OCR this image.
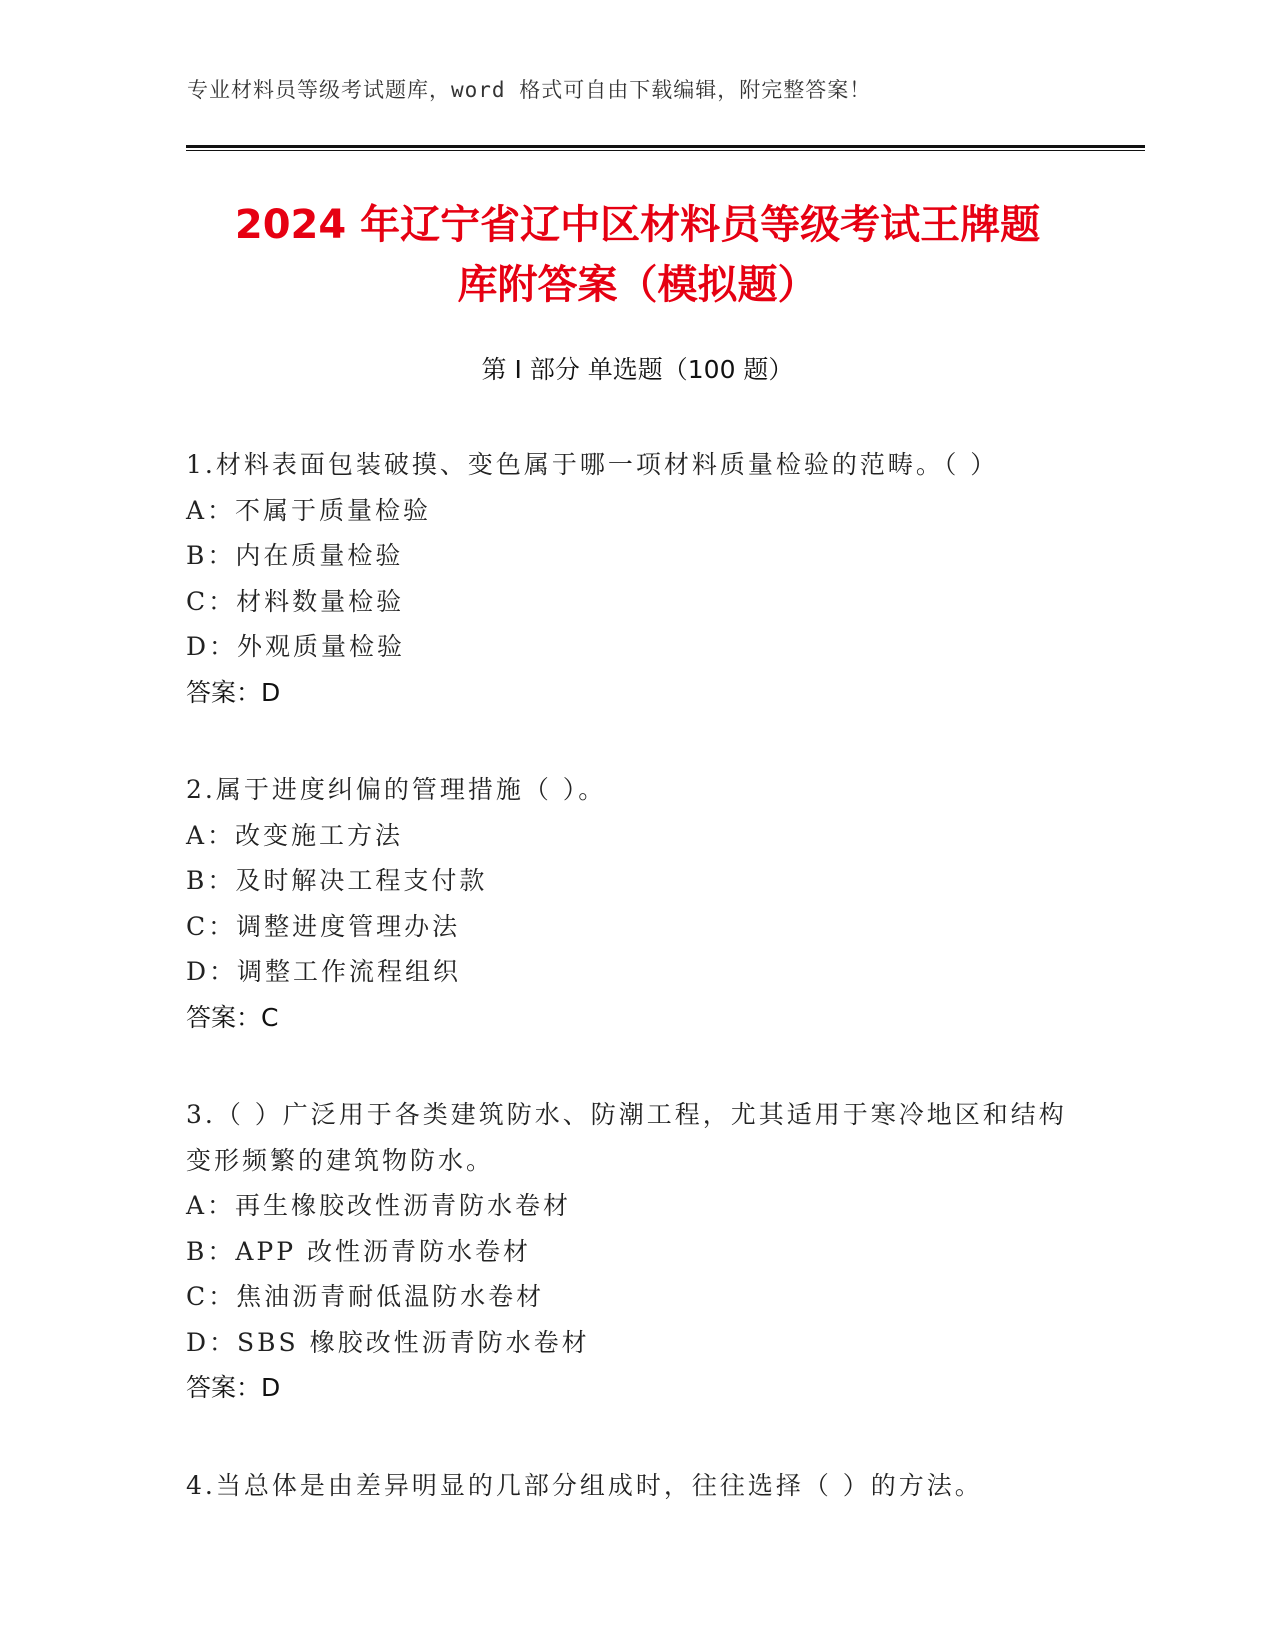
专业材料员等级考试题库，word 格式可自由下载编辑，附完整答案！
2024 年辽宁省辽中区材料员等级考试王牌题
库附答案（模拟题）
第 I 部分 单选题（100 题）
1.材料表面包装破摸、变色属于哪一项材料质量检验的范畴。（ ）
A：不属于质量检验
B：内在质量检验
C：材料数量检验
D：外观质量检验
答案：D
2.属于进度纠偏的管理措施（ ）。
A：改变施工方法
B：及时解决工程支付款
C：调整进度管理办法
D：调整工作流程组织
答案：C
3.（ ）广泛用于各类建筑防水、防潮工程，尤其适用于寒冷地区和结构变形频繁的建筑物防水。
A：再生橡胶改性沥青防水卷材
B：APP 改性沥青防水卷材
C：焦油沥青耐低温防水卷材
D：SBS 橡胶改性沥青防水卷材
答案：D
4.当总体是由差异明显的几部分组成时，往往选择（ ）的方法。
